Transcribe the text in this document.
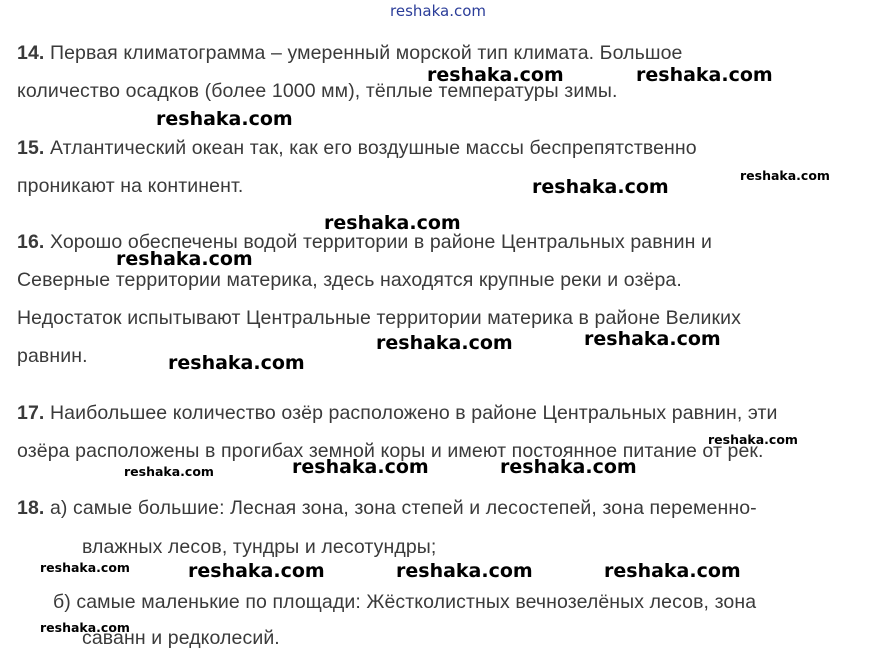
reshaka.com
14. Первая климатограмма – умеренный морской тип климата. Большое
количество осадков (более 1000 мм), тёплые температуры зимы.
15. Атлантический океан так, как его воздушные массы беспрепятственно
проникают на континент.
16. Хорошо обеспечены водой территории в районе Центральных равнин и
Северные территории материка, здесь находятся крупные реки и озёра.
Недостаток испытывают Центральные территории материка в районе Великих
равнин.
17. Наибольшее количество озёр расположено в районе Центральных равнин, эти
озёра расположены в прогибах земной коры и имеют постоянное питание от рек.
18. а) самые большие: Лесная зона, зона степей и лесостепей, зона переменно-
влажных лесов, тундры и лесотундры;
б) самые маленькие по площади: Жёстколистных вечнозелёных лесов, зона
саванн и редколесий.
reshaka.com	reshaka.com
reshaka.com
reshaka.com
reshaka.com
reshaka.com
reshaka.com
reshaka.com	reshaka.com
reshaka.com
reshaka.com
reshaka.com	reshaka.com
reshaka.com
reshaka.com	reshaka.com	reshaka.com	reshaka.com
reshaka.com
